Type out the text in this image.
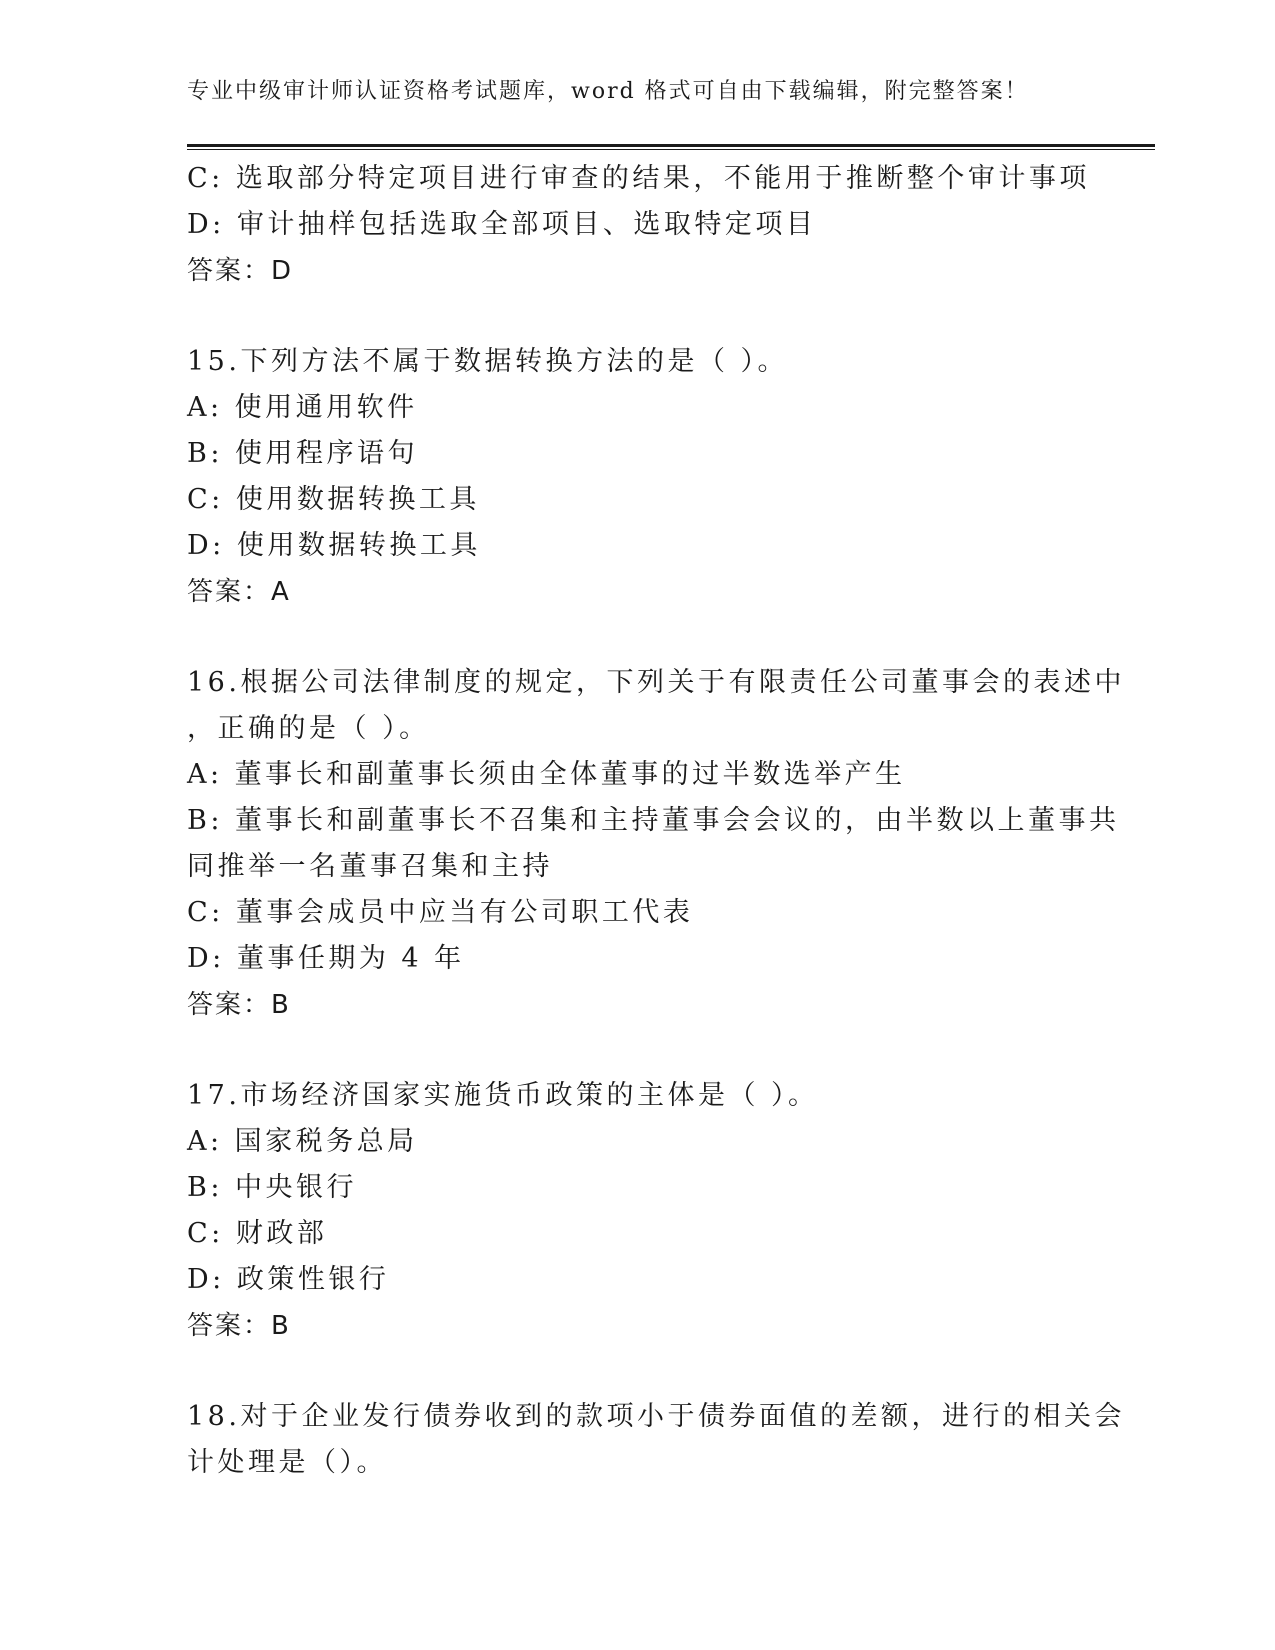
专业中级审计师认证资格考试题库，word 格式可自由下载编辑，附完整答案！
C: 选取部分特定项目进行审查的结果，不能用于推断整个审计事项
D: 审计抽样包括选取全部项目、选取特定项目
答案：D
15.下列方法不属于数据转换方法的是（ ）。
A: 使用通用软件
B: 使用程序语句
C: 使用数据转换工具
D: 使用数据转换工具
答案：A
16.根据公司法律制度的规定，下列关于有限责任公司董事会的表述中
，正确的是（ ）。
A: 董事长和副董事长须由全体董事的过半数选举产生
B: 董事长和副董事长不召集和主持董事会会议的，由半数以上董事共
同推举一名董事召集和主持
C: 董事会成员中应当有公司职工代表
D: 董事任期为 4 年
答案：B
17.市场经济国家实施货币政策的主体是（ ）。
A: 国家税务总局
B: 中央银行
C: 财政部
D: 政策性银行
答案：B
18.对于企业发行债券收到的款项小于债券面值的差额，进行的相关会
计处理是（）。
